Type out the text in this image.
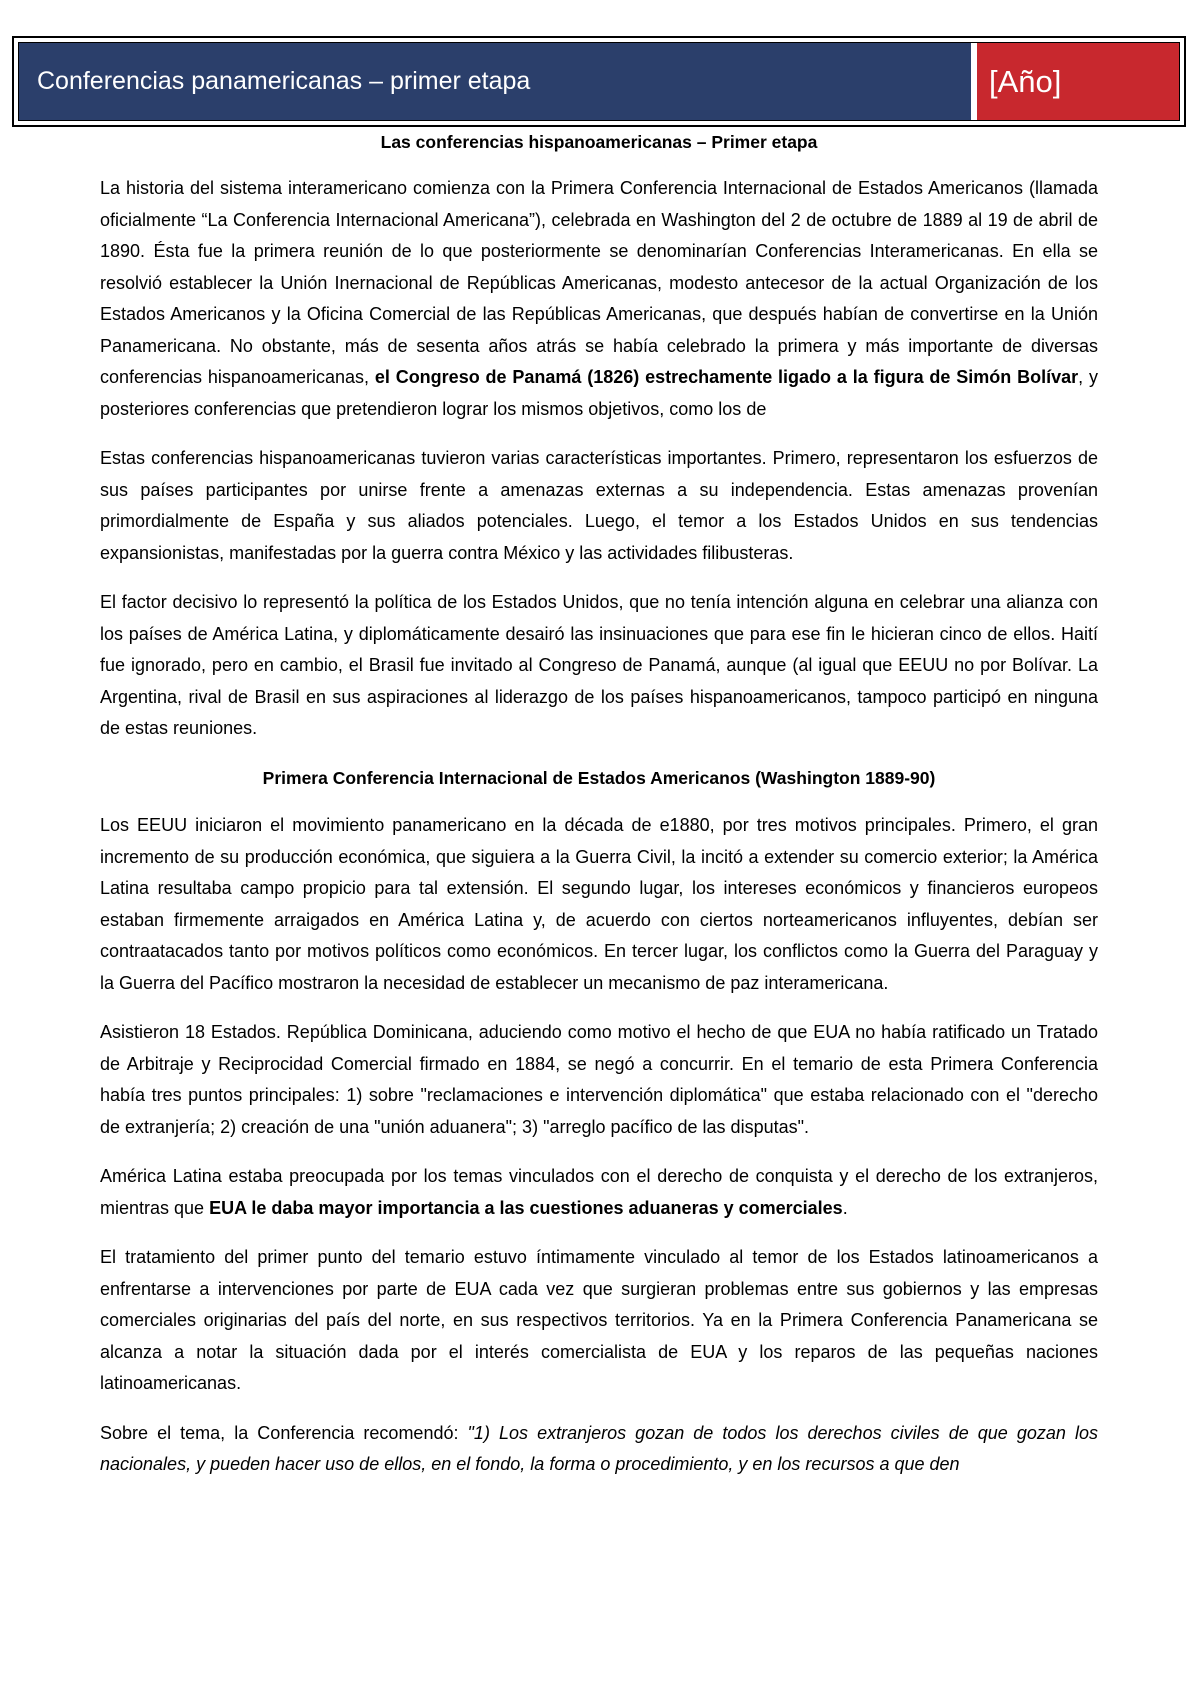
Conferencias panamericanas – primer etapa	[Año]
Las conferencias hispanoamericanas – Primer etapa

La historia del sistema interamericano comienza con la Primera Conferencia Internacional de Estados Americanos (llamada oficialmente “La Conferencia Internacional Americana”), celebrada en Washington del 2 de octubre de 1889 al 19 de abril de 1890. Ésta fue la primera reunión de lo que posteriormente se denominarían Conferencias Interamericanas. En ella se resolvió establecer la Unión Inernacional de Repúblicas Americanas, modesto antecesor de la actual Organización de los Estados Americanos y la Oficina Comercial de las Repúblicas Americanas, que después habían de convertirse en la Unión Panamericana. No obstante, más de sesenta años atrás se había celebrado la primera y más importante de diversas conferencias hispanoamericanas, el Congreso de Panamá (1826) estrechamente ligado a la figura de Simón Bolívar, y posteriores conferencias que pretendieron lograr los mismos objetivos, como los de

Estas conferencias hispanoamericanas tuvieron varias características importantes. Primero, representaron los esfuerzos de sus países participantes por unirse frente a amenazas externas a su independencia. Estas amenazas provenían primordialmente de España y sus aliados potenciales. Luego, el temor a los Estados Unidos en sus tendencias expansionistas, manifestadas por la guerra contra México y las actividades filibusteras.

El factor decisivo lo representó la política de los Estados Unidos, que no tenía intención alguna en celebrar una alianza con los países de América Latina, y diplomáticamente desairó las insinuaciones que para ese fin le hicieran cinco de ellos. Haití fue ignorado, pero en cambio, el Brasil fue invitado al Congreso de Panamá, aunque (al igual que EEUU no por Bolívar. La Argentina, rival de Brasil en sus aspiraciones al liderazgo de los países hispanoamericanos, tampoco participó en ninguna de estas reuniones.

Primera Conferencia Internacional de Estados Americanos (Washington 1889-90)

Los EEUU iniciaron el movimiento panamericano en la década de e1880, por tres motivos principales. Primero, el gran incremento de su producción económica, que siguiera a la Guerra Civil, la incitó a extender su comercio exterior; la América Latina resultaba campo propicio para tal extensión. El segundo lugar, los intereses económicos y financieros europeos estaban firmemente arraigados en América Latina y, de acuerdo con ciertos norteamericanos influyentes, debían ser contraatacados tanto por motivos políticos como económicos. En tercer lugar, los conflictos como la Guerra del Paraguay y la Guerra del Pacífico mostraron la necesidad de establecer un mecanismo de paz interamericana.

Asistieron 18 Estados. República Dominicana, aduciendo como motivo el hecho de que EUA no había ratificado un Tratado de Arbitraje y Reciprocidad Comercial firmado en 1884, se negó a concurrir. En el temario de esta Primera Conferencia había tres puntos principales: 1) sobre "reclamaciones e intervención diplomática" que estaba relacionado con el "derecho de extranjería; 2) creación de una "unión aduanera"; 3) "arreglo pacífico de las disputas".

América Latina estaba preocupada por los temas vinculados con el derecho de conquista y el derecho de los extranjeros, mientras que EUA le daba mayor importancia a las cuestiones aduaneras y comerciales.

El tratamiento del primer punto del temario estuvo íntimamente vinculado al temor de los Estados latinoamericanos a enfrentarse a intervenciones por parte de EUA cada vez que surgieran problemas entre sus gobiernos y las empresas comerciales originarias del país del norte, en sus respectivos territorios. Ya en la Primera Conferencia Panamericana se alcanza a notar la situación dada por el interés comercialista de EUA y los reparos de las pequeñas naciones latinoamericanas.

Sobre el tema, la Conferencia recomendó: "1) Los extranjeros gozan de todos los derechos civiles de que gozan los nacionales, y pueden hacer uso de ellos, en el fondo, la forma o procedimiento, y en los recursos a que den
